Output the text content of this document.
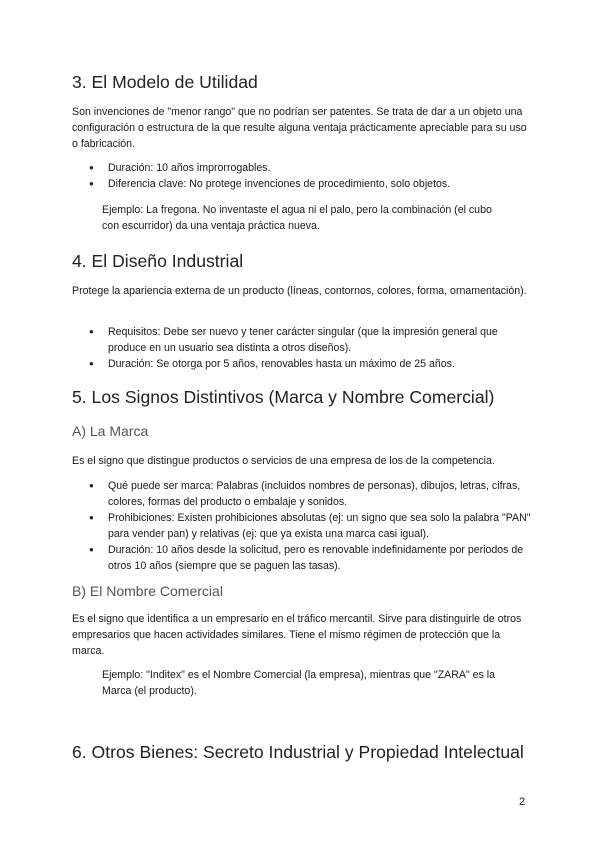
3. El Modelo de Utilidad

Son invenciones de "menor rango" que no podrían ser patentes. Se trata de dar a un objeto una configuración o estructura de la que resulte alguna ventaja prácticamente apreciable para su uso o fabricación.

● Duración: 10 años improrrogables.
● Diferencia clave: No protege invenciones de procedimiento, solo objetos.
Ejemplo: La fregona. No inventaste el agua ni el palo, pero la combinación (el cubo con escurridor) da una ventaja práctica nueva.
4. El Diseño Industrial

Protege la apariencia externa de un producto (líneas, contornos, colores, forma, ornamentación).

● Requisitos: Debe ser nuevo y tener carácter singular (que la impresión general que produce en un usuario sea distinta a otros diseños).
● Duración: Se otorga por 5 años, renovables hasta un máximo de 25 años.
5. Los Signos Distintivos (Marca y Nombre Comercial)
A) La Marca

Es el signo que distingue productos o servicios de una empresa de los de la competencia.

● Qué puede ser marca: Palabras (incluidos nombres de personas), dibujos, letras, cifras, colores, formas del producto o embalaje y sonidos.
● Prohibiciones: Existen prohibiciones absolutas (ej: un signo que sea solo la palabra "PAN" para vender pan) y relativas (ej: que ya exista una marca casi igual).
● Duración: 10 años desde la solicitud, pero es renovable indefinidamente por periodos de otros 10 años (siempre que se paguen las tasas).
B) El Nombre Comercial

Es el signo que identifica a un empresario en el tráfico mercantil. Sirve para distinguirle de otros empresarios que hacen actividades similares. Tiene el mismo régimen de protección que la marca.

Ejemplo: "Inditex" es el Nombre Comercial (la empresa), mientras que "ZARA" es la Marca (el producto).
6. Otros Bienes: Secreto Industrial y Propiedad Intelectual
2
